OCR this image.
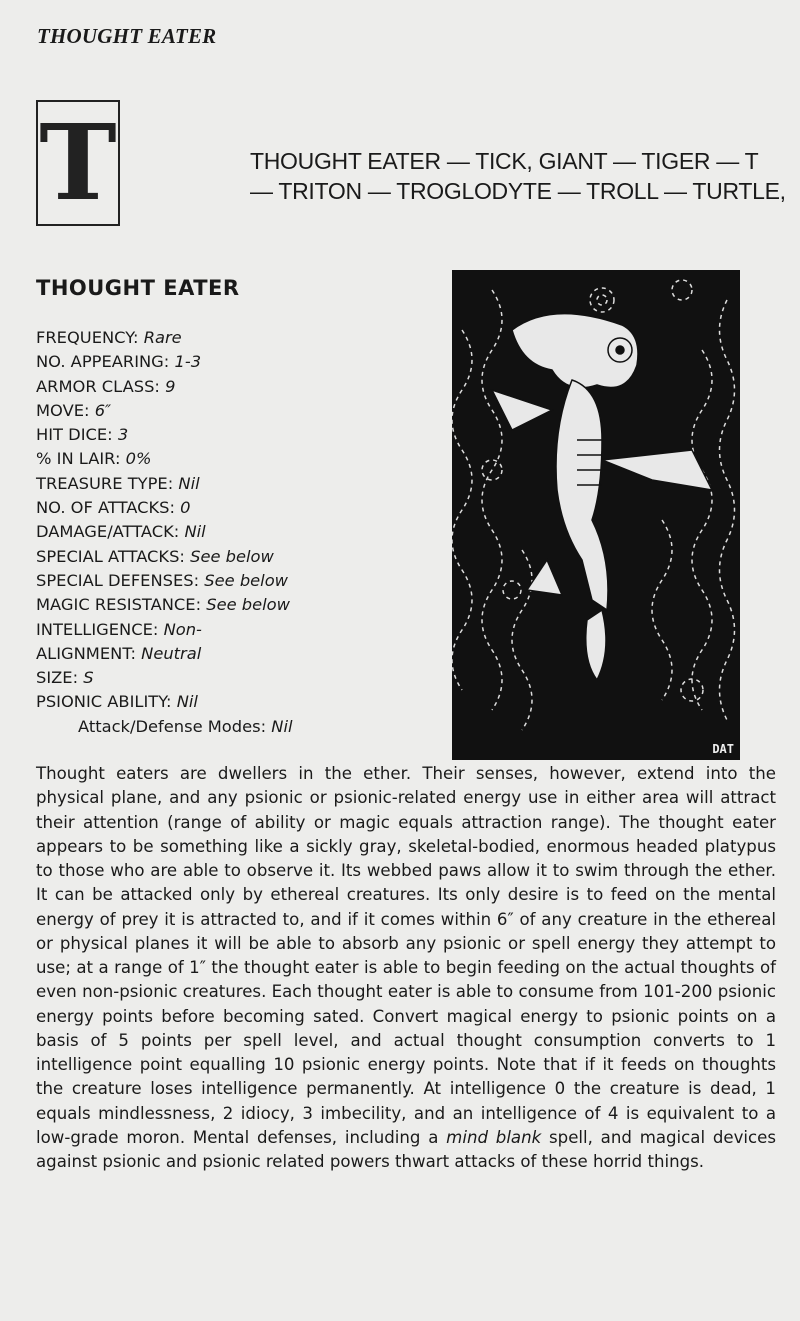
THOUGHT EATER
T	THOUGHT EATER — TICK, GIANT — TIGER — T
— TRITON — TROGLODYTE — TROLL — TURTLE,
THOUGHT EATER
FREQUENCY: Rare
NO. APPEARING: 1-3
ARMOR CLASS: 9
MOVE: 6″
HIT DICE: 3
% IN LAIR: 0%
TREASURE TYPE: Nil
NO. OF ATTACKS: 0
DAMAGE/ATTACK: Nil
SPECIAL ATTACKS: See below
SPECIAL DEFENSES: See below
MAGIC RESISTANCE: See below
INTELLIGENCE: Non-
ALIGNMENT: Neutral
SIZE: S
PSIONIC ABILITY: Nil
Attack/Defense Modes: Nil
DAT
Thought eaters are dwellers in the ether. Their senses, however, extend into the physical plane, and any psionic or psionic-related energy use in either area will attract their attention (range of ability or magic equals attraction range). The thought eater appears to be something like a sickly gray, skeletal-bodied, enormous headed platypus to those who are able to observe it. Its webbed paws allow it to swim through the ether. It can be attacked only by ethereal creatures. Its only desire is to feed on the mental energy of prey it is attracted to, and if it comes within 6″ of any creature in the ethereal or physical planes it will be able to absorb any psionic or spell energy they attempt to use; at a range of 1″ the thought eater is able to begin feeding on the actual thoughts of even non-psionic creatures. Each thought eater is able to consume from 101-200 psionic energy points before becoming sated. Convert magical energy to psionic points on a basis of 5 points per spell level, and actual thought consumption converts to 1 intelligence point equalling 10 psionic energy points. Note that if it feeds on thoughts the creature loses intelligence permanently. At intelligence 0 the creature is dead, 1 equals mindlessness, 2 idiocy, 3 imbecility, and an intelligence of 4 is equivalent to a low-grade moron. Mental defenses, including a mind blank spell, and magical devices against psionic and psionic related powers thwart attacks of these horrid things.
